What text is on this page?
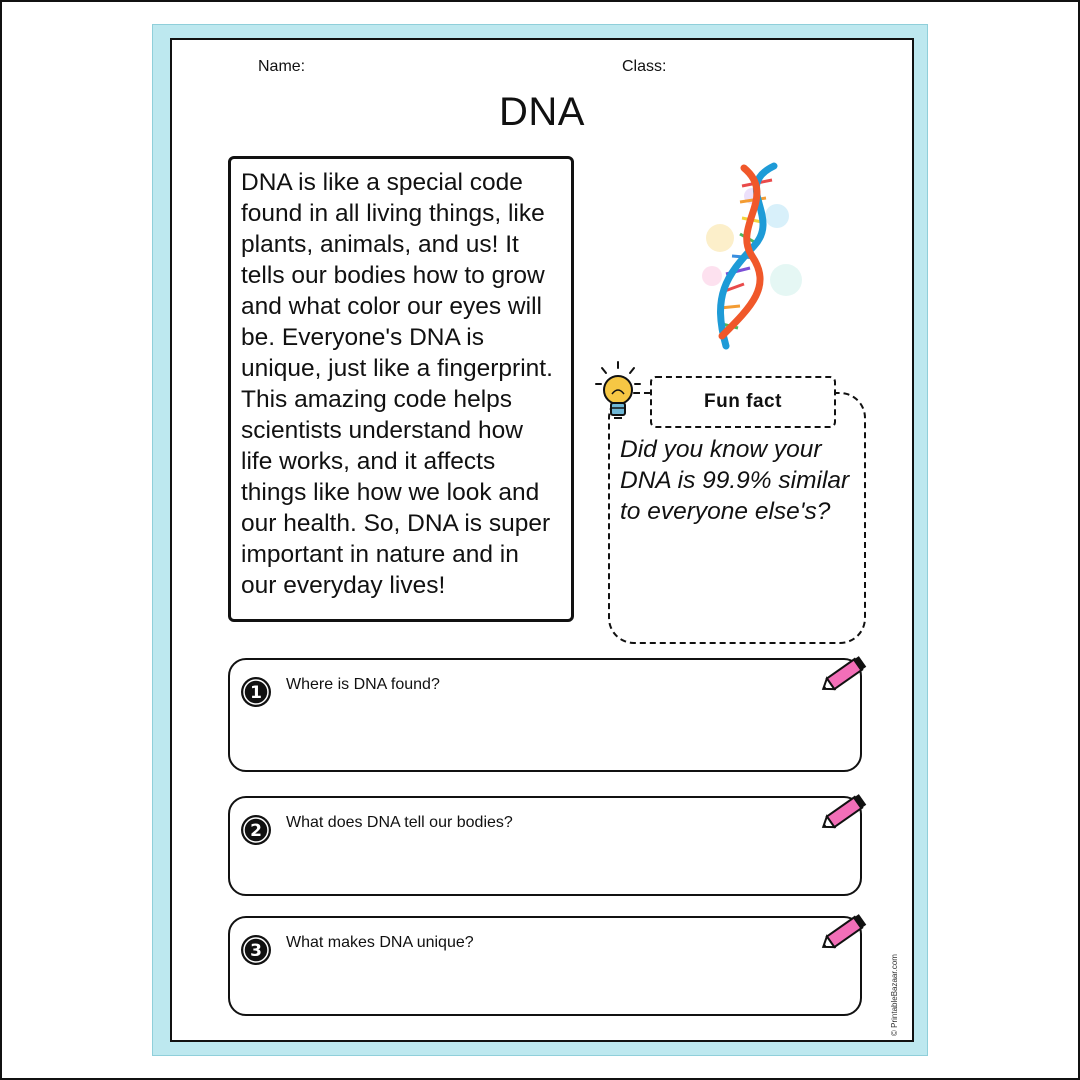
Name:	Class:
DNA
DNA is like a special code found in all living things, like plants, animals, and us! It tells our bodies how to grow and what color our eyes will be. Everyone's DNA is unique, just like a fingerprint. This amazing code helps scientists understand how life works, and it affects things like how we look and our health. So, DNA is super important in nature and in our everyday lives!
Fun fact
Did you know your DNA is 99.9% similar to everyone else's?
1 Where is DNA found?
2 What does DNA tell our bodies?
3 What makes DNA unique?
© PrintableBazaar.com
